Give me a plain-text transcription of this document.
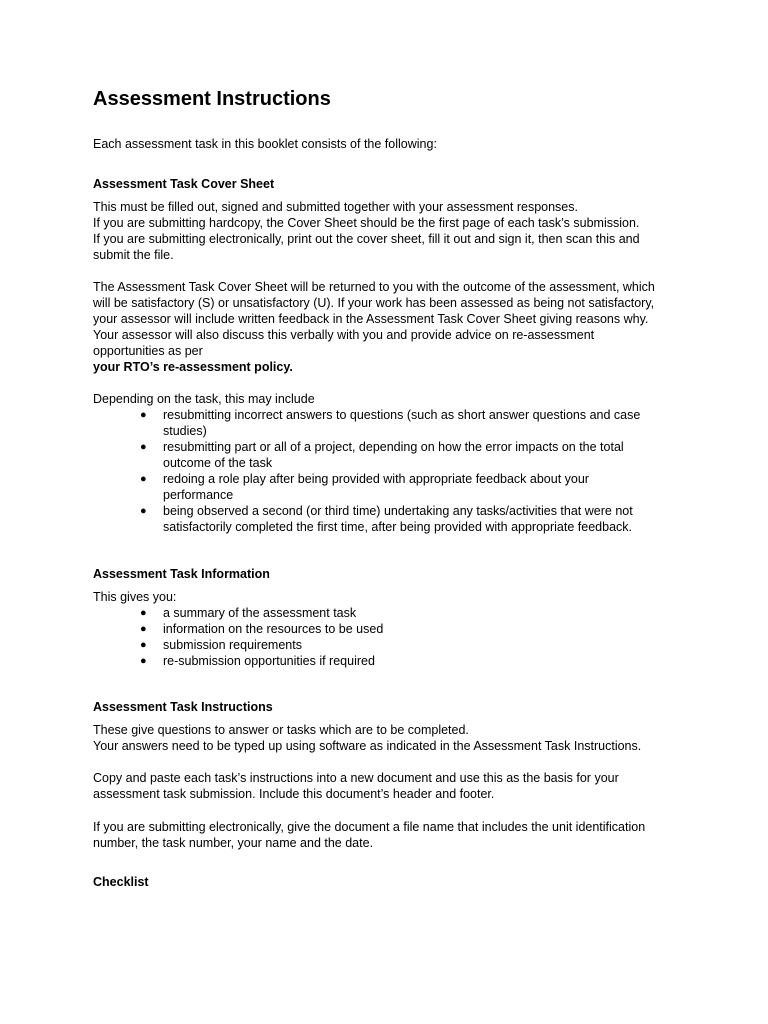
Assessment Instructions
Each assessment task in this booklet consists of the following:
Assessment Task Cover Sheet
This must be filled out, signed and submitted together with your assessment responses.
If you are submitting hardcopy, the Cover Sheet should be the first page of each task’s submission.
If you are submitting electronically, print out the cover sheet, fill it out and sign it, then scan this and
submit the file.
The Assessment Task Cover Sheet will be returned to you with the outcome of the assessment, which
will be satisfactory (S) or unsatisfactory (U). If your work has been assessed as being not satisfactory,
your assessor will include written feedback in the Assessment Task Cover Sheet giving reasons why.
Your assessor will also discuss this verbally with you and provide advice on re-assessment
opportunities as per
your RTO’s re-assessment policy.
Depending on the task, this may include
● resubmitting incorrect answers to questions (such as short answer questions and case
studies)
● resubmitting part or all of a project, depending on how the error impacts on the total
outcome of the task
● redoing a role play after being provided with appropriate feedback about your
performance
● being observed a second (or third time) undertaking any tasks/activities that were not
satisfactorily completed the first time, after being provided with appropriate feedback.
Assessment Task Information
This gives you:
● a summary of the assessment task
● information on the resources to be used
● submission requirements
● re-submission opportunities if required
Assessment Task Instructions
These give questions to answer or tasks which are to be completed.
Your answers need to be typed up using software as indicated in the Assessment Task Instructions.
Copy and paste each task’s instructions into a new document and use this as the basis for your
assessment task submission. Include this document’s header and footer.
If you are submitting electronically, give the document a file name that includes the unit identification
number, the task number, your name and the date.
Checklist
